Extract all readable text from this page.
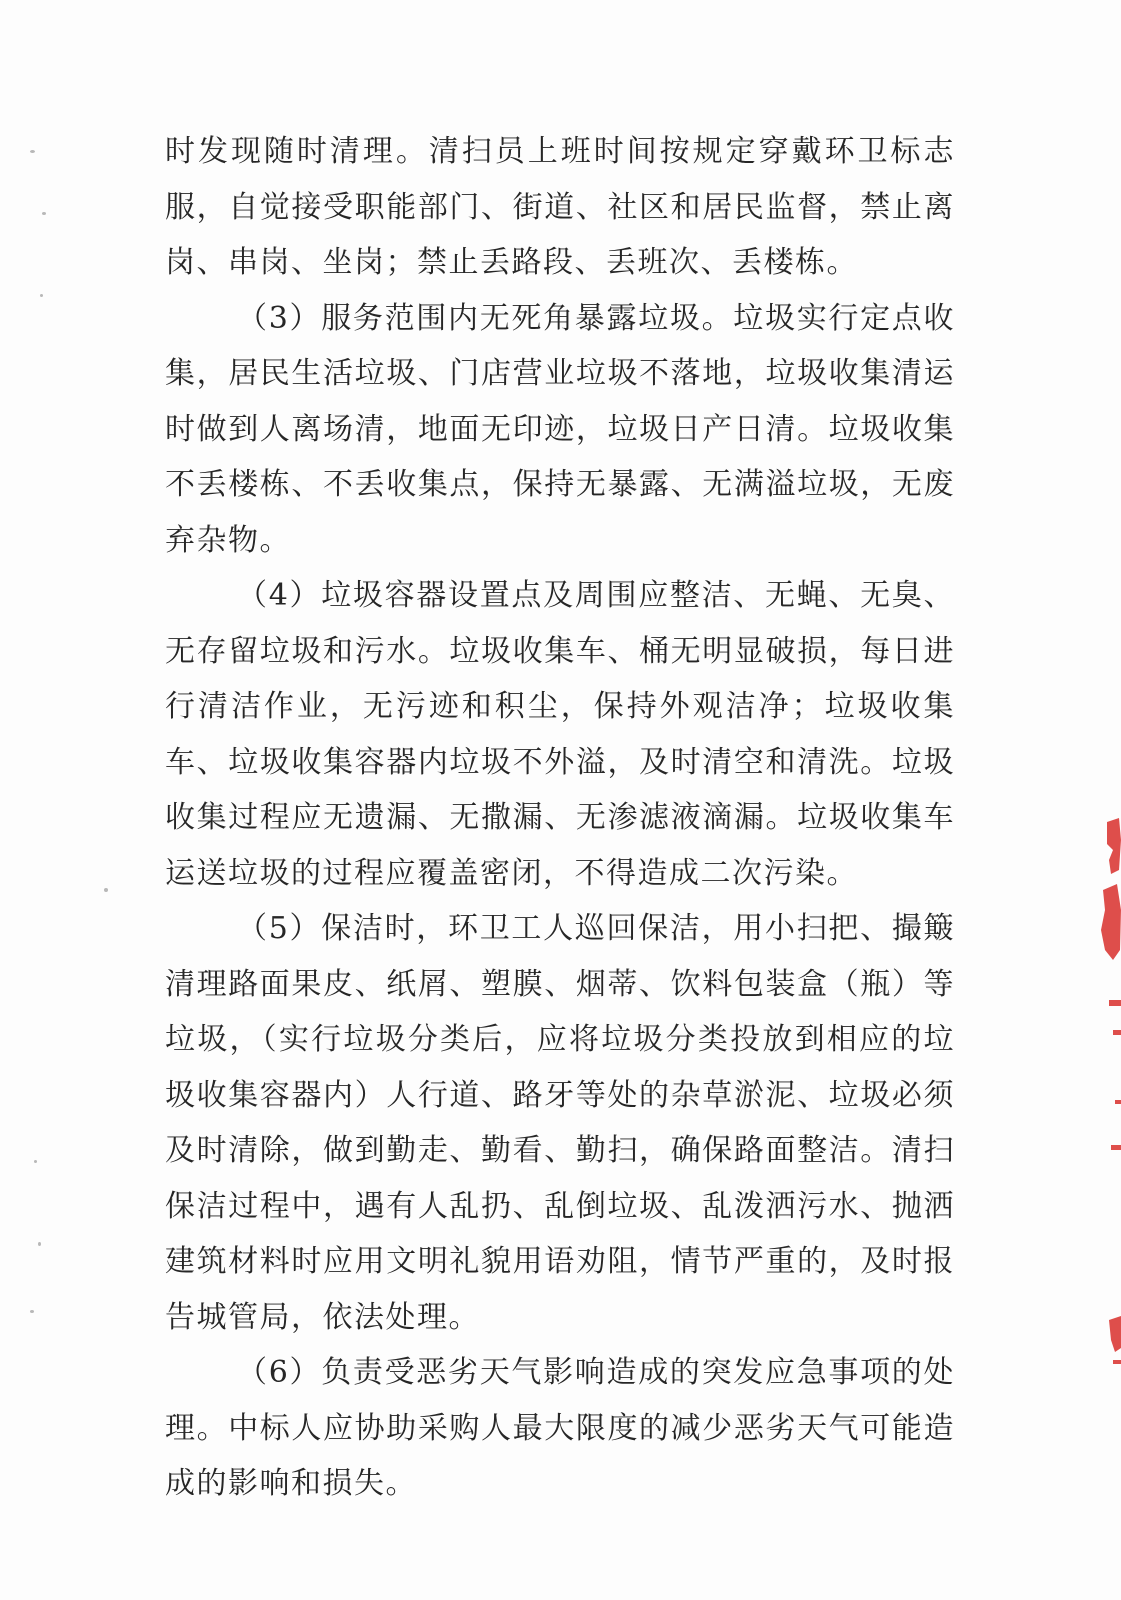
时发现随时清理。清扫员上班时间按规定穿戴环卫标志服，自觉接受职能部门、街道、社区和居民监督，禁止离岗、串岗、坐岗；禁止丢路段、丢班次、丢楼栋。

（3）服务范围内无死角暴露垃圾。垃圾实行定点收集，居民生活垃圾、门店营业垃圾不落地，垃圾收集清运时做到人离场清，地面无印迹，垃圾日产日清。垃圾收集不丢楼栋、不丢收集点，保持无暴露、无满溢垃圾，无废弃杂物。

（4）垃圾容器设置点及周围应整洁、无蝇、无臭、无存留垃圾和污水。垃圾收集车、桶无明显破损，每日进行清洁作业，无污迹和积尘，保持外观洁净；垃圾收集车、垃圾收集容器内垃圾不外溢，及时清空和清洗。垃圾收集过程应无遗漏、无撒漏、无渗滤液滴漏。垃圾收集车运送垃圾的过程应覆盖密闭，不得造成二次污染。

（5）保洁时，环卫工人巡回保洁，用小扫把、撮簸清理路面果皮、纸屑、塑膜、烟蒂、饮料包装盒（瓶）等垃圾，（实行垃圾分类后，应将垃圾分类投放到相应的垃圾收集容器内）人行道、路牙等处的杂草淤泥、垃圾必须及时清除，做到勤走、勤看、勤扫，确保路面整洁。清扫保洁过程中，遇有人乱扔、乱倒垃圾、乱泼洒污水、抛洒建筑材料时应用文明礼貌用语劝阻，情节严重的，及时报告城管局，依法处理。

（6）负责受恶劣天气影响造成的突发应急事项的处理。中标人应协助采购人最大限度的减少恶劣天气可能造成的影响和损失。
